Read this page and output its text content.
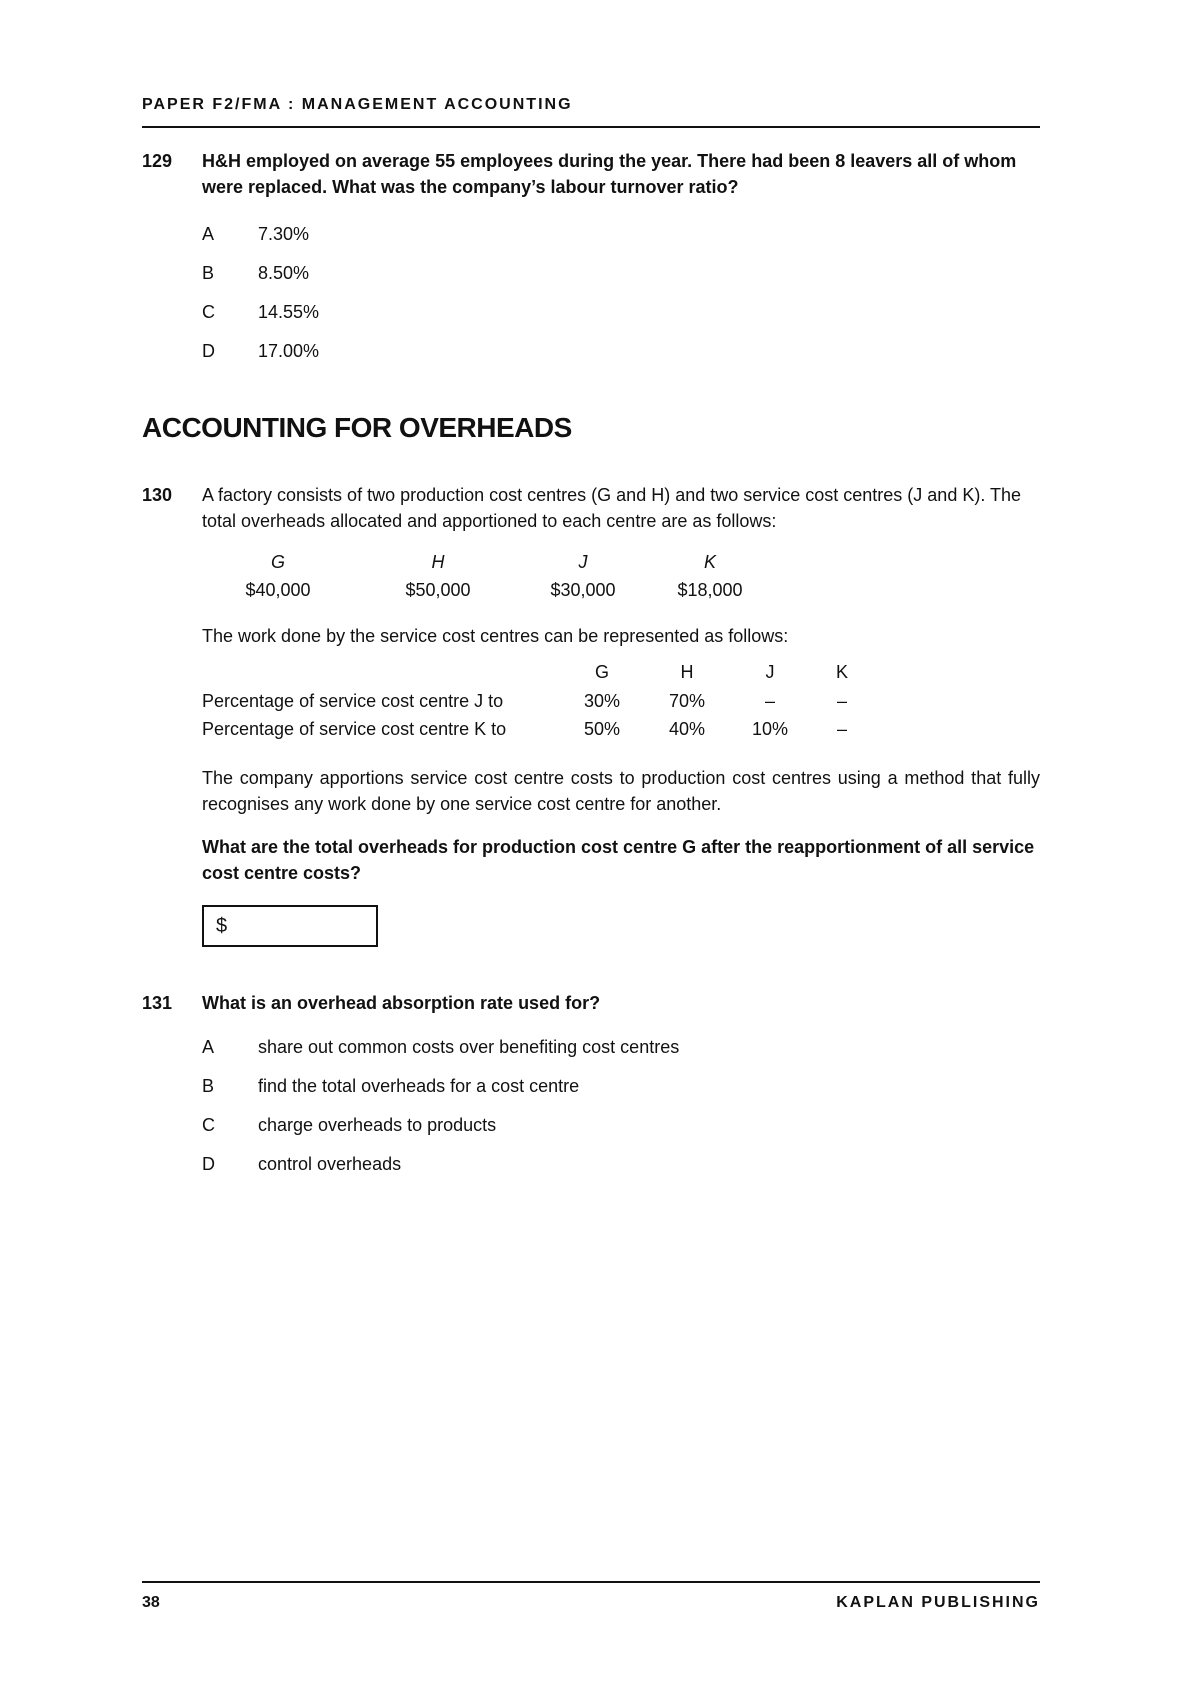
PAPER F2/FMA : MANAGEMENT ACCOUNTING
129 H&H employed on average 55 employees during the year. There had been 8 leavers all of whom were replaced. What was the company’s labour turnover ratio?
A	7.30%
B	8.50%
C	14.55%
D	17.00%
ACCOUNTING FOR OVERHEADS
130 A factory consists of two production cost centres (G and H) and two service cost centres (J and K). The total overheads allocated and apportioned to each centre are as follows:
G	H	J	K
$40,000	$50,000	$30,000	$18,000
The work done by the service cost centres can be represented as follows:
G	H	J	K
Percentage of service cost centre J to	30%	70%	–	–
Percentage of service cost centre K to	50%	40%	10%	–
The company apportions service cost centre costs to production cost centres using a method that fully recognises any work done by one service cost centre for another.
What are the total overheads for production cost centre G after the reapportionment of all service cost centre costs?
$
131 What is an overhead absorption rate used for?
A	share out common costs over benefiting cost centres
B	find the total overheads for a cost centre
C	charge overheads to products
D	control overheads
38	KAPLAN PUBLISHING
